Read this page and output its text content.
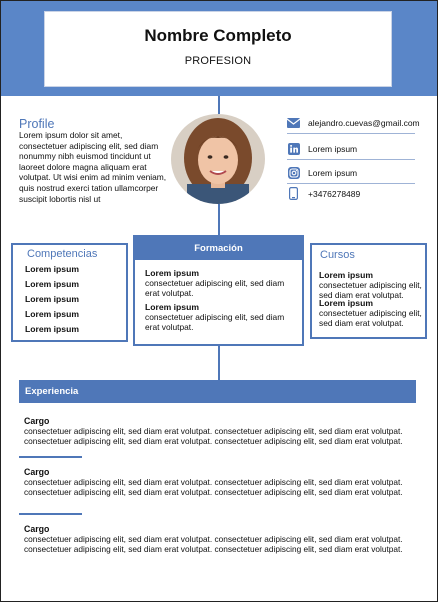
Nombre Completo
PROFESION
Profile
Lorem ipsum dolor sit amet, consectetuer adipiscing elit, sed diam nonummy nibh euismod tincidunt ut laoreet dolore magna aliquam erat volutpat. Ut wisi enim ad minim veniam, quis nostrud exerci tation ullamcorper suscipit lobortis nisl ut
alejandro.cuevas@gmail.com
Lorem ipsum
Lorem ipsum
+3476278489
Competencias
Lorem ipsum
Lorem ipsum
Lorem ipsum
Lorem ipsum
Lorem ipsum
Formación
Lorem ipsum
consectetuer adipiscing elit, sed diam erat volutpat.
Lorem ipsum
consectetuer adipiscing elit, sed diam erat volutpat.
Cursos
Lorem ipsum
consectetuer adipiscing elit, sed diam erat volutpat.
Lorem ipsum
consectetuer adipiscing elit, sed diam erat volutpat.
Experiencia
Cargo
consectetuer adipiscing elit, sed diam erat volutpat. consectetuer adipiscing elit, sed diam erat volutpat.
consectetuer adipiscing elit, sed diam erat volutpat. consectetuer adipiscing elit, sed diam erat volutpat.
Cargo
consectetuer adipiscing elit, sed diam erat volutpat. consectetuer adipiscing elit, sed diam erat volutpat.
consectetuer adipiscing elit, sed diam erat volutpat. consectetuer adipiscing elit, sed diam erat volutpat.
Cargo
consectetuer adipiscing elit, sed diam erat volutpat. consectetuer adipiscing elit, sed diam erat volutpat.
consectetuer adipiscing elit, sed diam erat volutpat. consectetuer adipiscing elit, sed diam erat volutpat.
